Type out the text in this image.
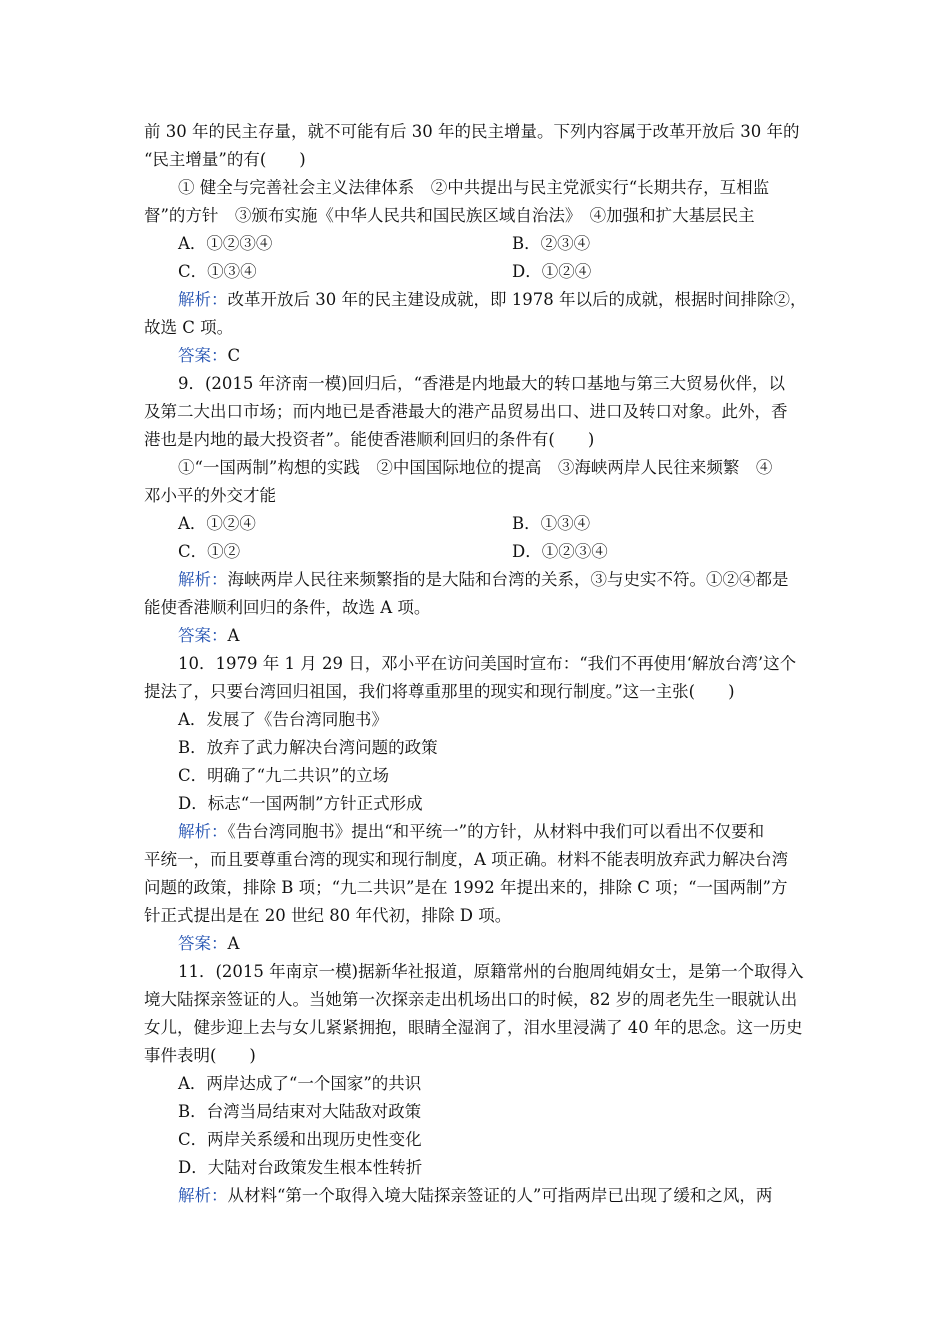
前 30 年的民主存量，就不可能有后 30 年的民主增量。下列内容属于改革开放后 30 年的
“民主增量”的有(　　)
① 健全与完善社会主义法律体系　②中共提出与民主党派实行“长期共存，互相监
督”的方针　③颁布实施《中华人民共和国民族区域自治法》　④加强和扩大基层民主
A．①②③④	B．②③④
C．①③④	D．①②④
解析：改革开放后 30 年的民主建设成就，即 1978 年以后的成就，根据时间排除②，
故选 C 项。
答案：C
9．(2015 年济南一模)回归后，“香港是内地最大的转口基地与第三大贸易伙伴，以
及第二大出口市场；而内地已是香港最大的港产品贸易出口、进口及转口对象。此外，香
港也是内地的最大投资者”。能使香港顺利回归的条件有(　　)
①“一国两制”构想的实践　②中国国际地位的提高　③海峡两岸人民往来频繁　④
邓小平的外交才能
A．①②④	B．①③④
C．①②	D．①②③④
解析：海峡两岸人民往来频繁指的是大陆和台湾的关系，③与史实不符。①②④都是
能使香港顺利回归的条件，故选 A 项。
答案：A
10．1979 年 1 月 29 日，邓小平在访问美国时宣布：“我们不再使用‘解放台湾’这个
提法了，只要台湾回归祖国，我们将尊重那里的现实和现行制度。”这一主张(　　)
A．发展了《告台湾同胞书》
B．放弃了武力解决台湾问题的政策
C．明确了“九二共识”的立场
D．标志“一国两制”方针正式形成
解析：《告台湾同胞书》提出“和平统一”的方针，从材料中我们可以看出不仅要和
平统一，而且要尊重台湾的现实和现行制度，A 项正确。材料不能表明放弃武力解决台湾
问题的政策，排除 B 项；“九二共识”是在 1992 年提出来的，排除 C 项；“一国两制”方
针正式提出是在 20 世纪 80 年代初，排除 D 项。
答案：A
11．(2015 年南京一模)据新华社报道，原籍常州的台胞周纯娟女士，是第一个取得入
境大陆探亲签证的人。当她第一次探亲走出机场出口的时候，82 岁的周老先生一眼就认出
女儿，健步迎上去与女儿紧紧拥抱，眼睛全湿润了，泪水里浸满了 40 年的思念。这一历史
事件表明(　　)
A．两岸达成了“一个国家”的共识
B．台湾当局结束对大陆敌对政策
C．两岸关系缓和出现历史性变化
D．大陆对台政策发生根本性转折
解析：从材料“第一个取得入境大陆探亲签证的人”可指两岸已出现了缓和之风，两
